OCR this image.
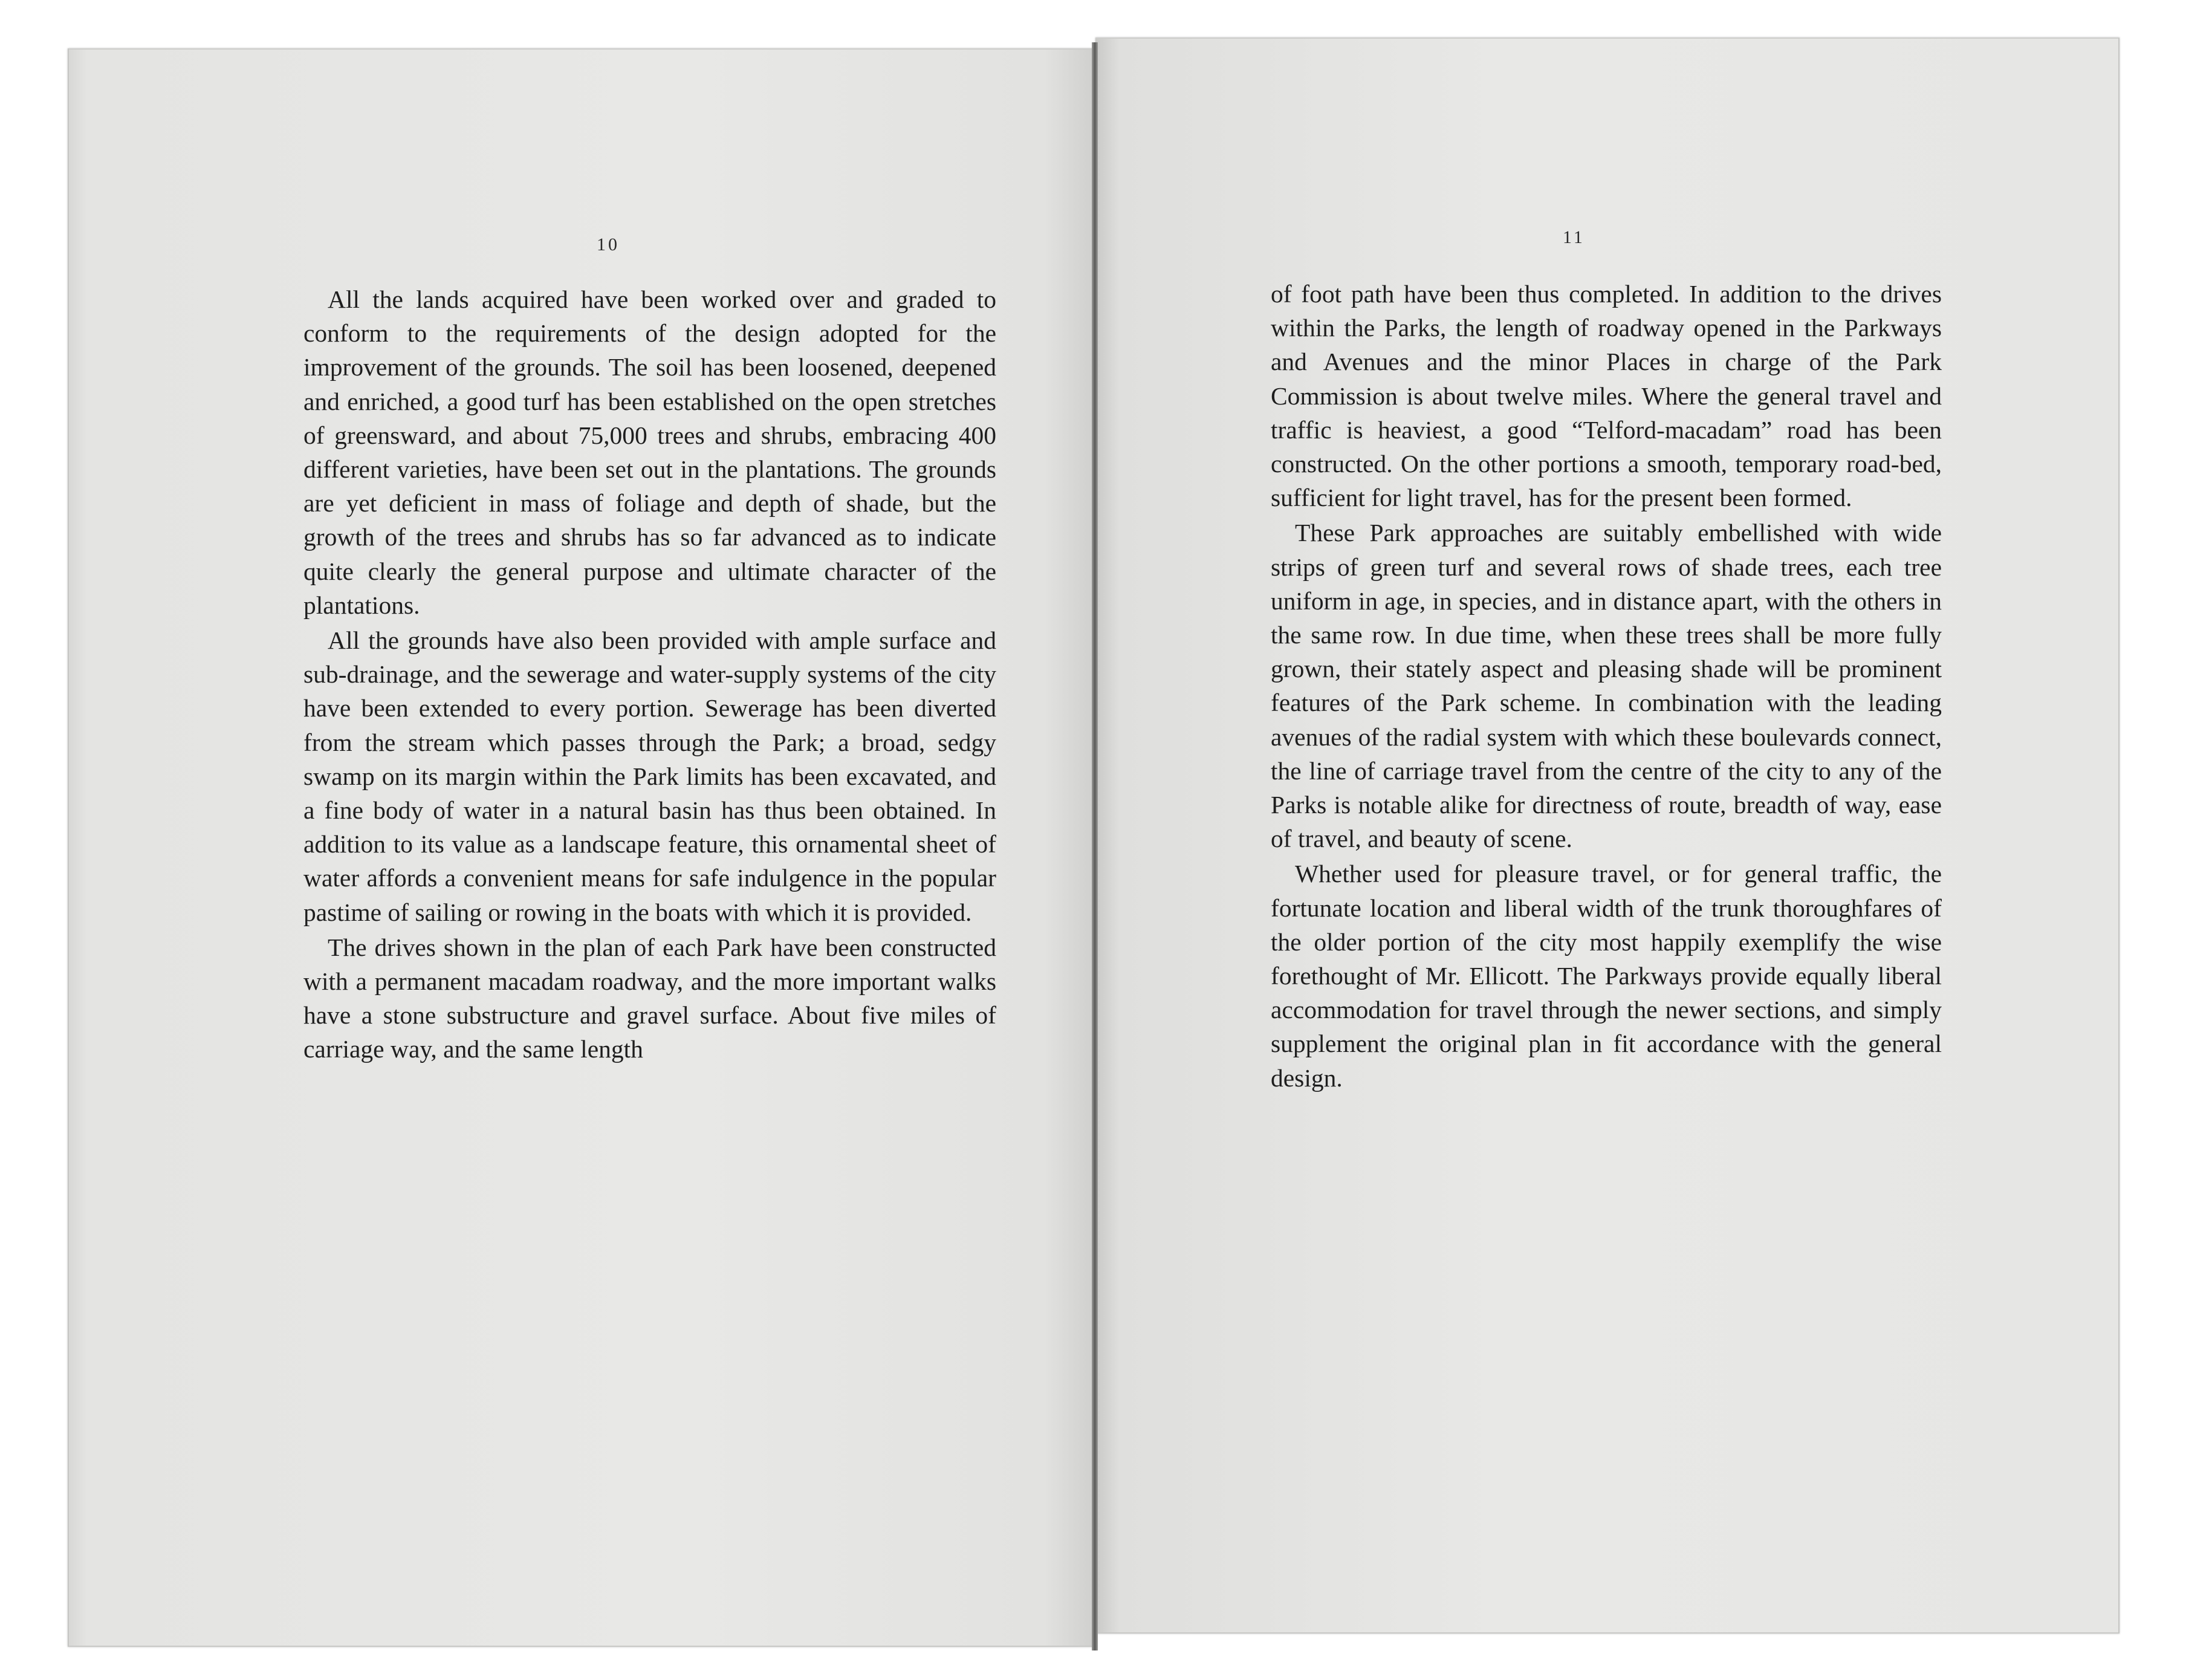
10	11

All the lands acquired have been worked over and graded to conform to the requirements of the design adopted for the improvement of the grounds. The soil has been loosened, deepened and enriched, a good turf has been established on the open stretches of greensward, and about 75,000 trees and shrubs, embracing 400 different varieties, have been set out in the plantations. The grounds are yet deficient in mass of foliage and depth of shade, but the growth of the trees and shrubs has so far advanced as to indicate quite clearly the general purpose and ultimate character of the plantations.

All the grounds have also been provided with ample surface and sub-drainage, and the sewerage and water-supply systems of the city have been extended to every portion. Sewerage has been diverted from the stream which passes through the Park; a broad, sedgy swamp on its margin within the Park limits has been excavated, and a fine body of water in a natural basin has thus been obtained. In addition to its value as a landscape feature, this ornamental sheet of water affords a convenient means for safe indulgence in the popular pastime of sailing or rowing in the boats with which it is provided.

The drives shown in the plan of each Park have been constructed with a permanent macadam roadway, and the more important walks have a stone substructure and gravel surface. About five miles of carriage way, and the same length

of foot path have been thus completed. In addition to the drives within the Parks, the length of roadway opened in the Parkways and Avenues and the minor Places in charge of the Park Commission is about twelve miles. Where the general travel and traffic is heaviest, a good “Telford-macadam” road has been constructed. On the other portions a smooth, temporary road-bed, sufficient for light travel, has for the present been formed.

These Park approaches are suitably embellished with wide strips of green turf and several rows of shade trees, each tree uniform in age, in species, and in distance apart, with the others in the same row. In due time, when these trees shall be more fully grown, their stately aspect and pleasing shade will be prominent features of the Park scheme. In combination with the leading avenues of the radial system with which these boulevards connect, the line of carriage travel from the centre of the city to any of the Parks is notable alike for directness of route, breadth of way, ease of travel, and beauty of scene.

Whether used for pleasure travel, or for general traffic, the fortunate location and liberal width of the trunk thoroughfares of the older portion of the city most happily exemplify the wise forethought of Mr. Ellicott. The Parkways provide equally liberal accommodation for travel through the newer sections, and simply supplement the original plan in fit accordance with the general design.
